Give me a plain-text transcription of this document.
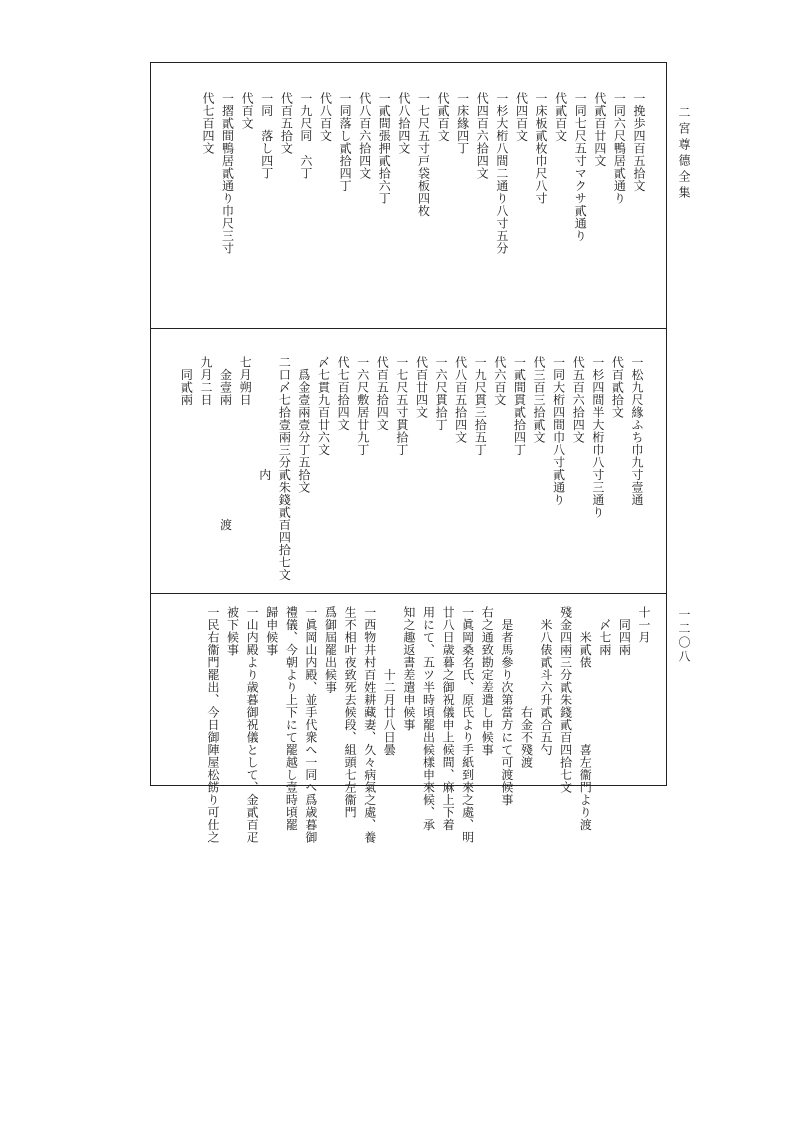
二宮尊德全集
一二〇八
一挽歩四百五拾文
一同六尺鴨居貳通り
代貳百廿四文
一同七尺五寸マクサ貳通り
代貳百文
一床板貳枚巾尺八寸
代四百文
一杉大桁八間二通り八寸五分
代四百六拾四文
一床緣四丁
代貳百文
一七尺五寸戸袋板四枚
代八拾四文
一貳間張押貳拾六丁
代八百六拾四文
一同落し貳拾四丁
代八百文
一九尺同　六丁
代百五拾文
一同　落し四丁
代百文
一摺貳間鴨居貳通り巾尺三寸
代七百四文
一松九尺緣ふち巾九寸壹通
代百貳拾文
一杉四間半大桁巾八寸三通り
代五百六拾四文
一同大桁四間巾八寸貳通り
代三百三拾貳文
一貳間貫貳拾四丁
代六百文
一九尺貫三拾五丁
代八百五拾四文
一六尺貫拾丁
代百廿四文
一七尺五寸貫拾丁
代百五拾四文
一六尺敷居廿九丁
代七百拾四文
〆七貫九百廿六文
　爲金壹兩壹分丁五拾文
二口〆七拾壹兩三分貳朱錢貳百四拾七文
　　　　　　　　　内
七月朔日
　金壹兩　　　　　　　　　渡
九月二日
　同貳兩
十一月
　同四兩
　〆七兩
　　米貳俵　　　　　　喜左衞門より渡
殘金四兩三分貳朱錢貳百四拾七文
　米八俵貳斗六升貳合五勺
　　　　　　　　右金不殘渡
　是者馬參り次第當方にて可渡候事
右之通致勘定差遣し申候事
一眞岡桑名氏、原氏より手紙到來之處、明
廿八日歳暮之御祝儀申上候間、麻上下着
用にて、五ツ半時頃罷出候樣申來候、承
知之趣返書差遣申候事
　　　　　十二月廿八日曇
一西物井村百姓耕藏妻、久々病氣之處、養
生不相叶夜致死去候段、組頭七左衞門
爲御屆罷出候事
一眞岡山内殿、並手代衆へ一同へ爲歳暮御
禮儀、今朝より上下にて罷越し壹時頃罷
歸申候事
一山内殿より歳暮御祝儀として、金貳百疋
被下候事
一民右衞門罷出、今日御陣屋松餝り可仕之
